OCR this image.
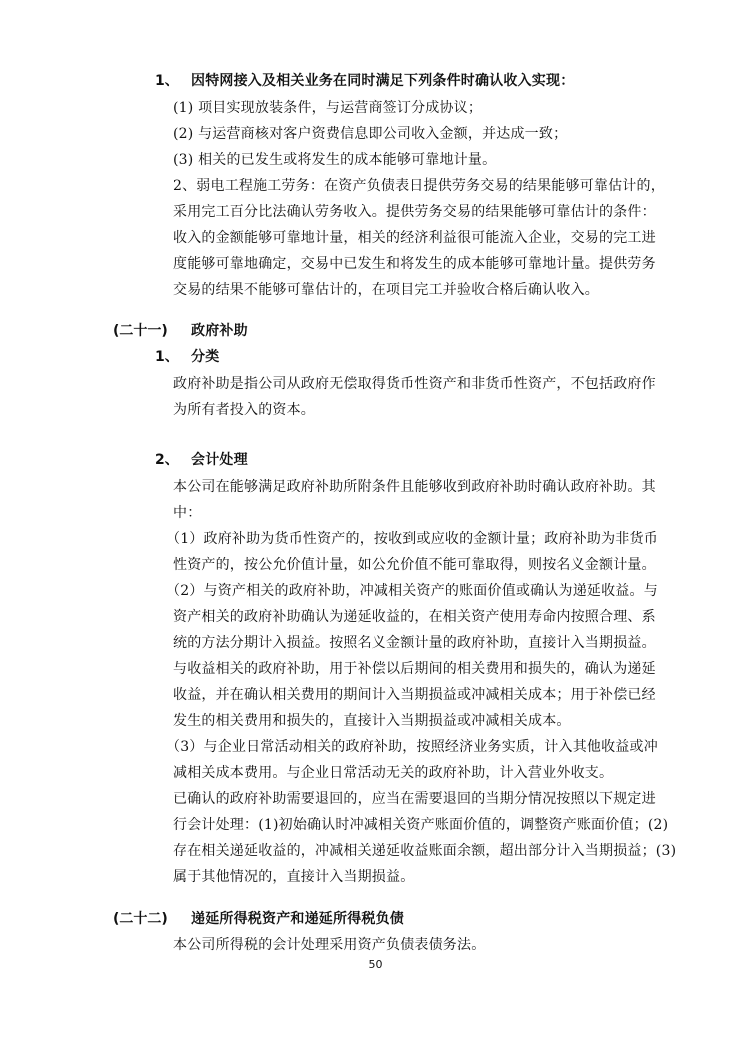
1、 因特网接入及相关业务在同时满足下列条件时确认收入实现：
(1) 项目实现放装条件，与运营商签订分成协议；
(2) 与运营商核对客户资费信息即公司收入金额，并达成一致；
(3) 相关的已发生或将发生的成本能够可靠地计量。
2、弱电工程施工劳务：在资产负债表日提供劳务交易的结果能够可靠估计的，
采用完工百分比法确认劳务收入。提供劳务交易的结果能够可靠估计的条件：
收入的金额能够可靠地计量，相关的经济利益很可能流入企业，交易的完工进
度能够可靠地确定，交易中已发生和将发生的成本能够可靠地计量。提供劳务
交易的结果不能够可靠估计的，在项目完工并验收合格后确认收入。
(二十一) 政府补助
1、 分类
政府补助是指公司从政府无偿取得货币性资产和非货币性资产，不包括政府作
为所有者投入的资本。
2、 会计处理
本公司在能够满足政府补助所附条件且能够收到政府补助时确认政府补助。其
中：
（1）政府补助为货币性资产的，按收到或应收的金额计量；政府补助为非货币
性资产的，按公允价值计量，如公允价值不能可靠取得，则按名义金额计量。
（2）与资产相关的政府补助，冲减相关资产的账面价值或确认为递延收益。与
资产相关的政府补助确认为递延收益的，在相关资产使用寿命内按照合理、系
统的方法分期计入损益。按照名义金额计量的政府补助，直接计入当期损益。
与收益相关的政府补助，用于补偿以后期间的相关费用和损失的，确认为递延
收益，并在确认相关费用的期间计入当期损益或冲减相关成本；用于补偿已经
发生的相关费用和损失的，直接计入当期损益或冲减相关成本。
（3）与企业日常活动相关的政府补助，按照经济业务实质，计入其他收益或冲
减相关成本费用。与企业日常活动无关的政府补助，计入营业外收支。
已确认的政府补助需要退回的，应当在需要退回的当期分情况按照以下规定进
行会计处理：(1)初始确认时冲减相关资产账面价值的，调整资产账面价值；(2)
存在相关递延收益的，冲减相关递延收益账面余额，超出部分计入当期损益；(3)
属于其他情况的，直接计入当期损益。
(二十二) 递延所得税资产和递延所得税负债
本公司所得税的会计处理采用资产负债表债务法。
50
